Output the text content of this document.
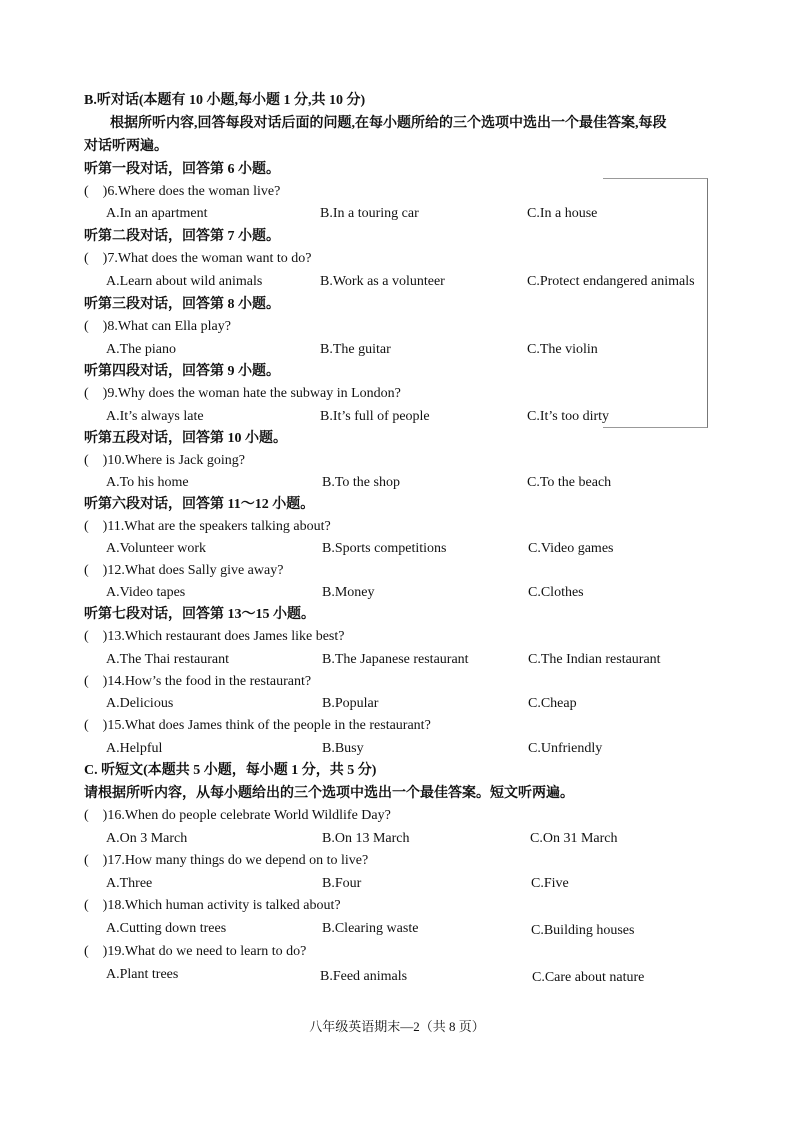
B.听对话(本题有 10 小题,每小题 1 分,共 10 分)
根据所听内容,回答每段对话后面的问题,在每小题所给的三个选项中选出一个最佳答案,每段
对话听两遍。
听第一段对话，回答第 6 小题。
( )6.Where does the woman live?
A.In an apartment	B.In a touring car	C.In a house
听第二段对话，回答第 7 小题。
( )7.What does the woman want to do?
A.Learn about wild animals	B.Work as a volunteer	C.Protect endangered animals
听第三段对话，回答第 8 小题。
( )8.What can Ella play?
A.The piano	B.The guitar	C.The violin
听第四段对话，回答第 9 小题。
( )9.Why does the woman hate the subway in London?
A.It’s always late	B.It’s full of people	C.It’s too dirty
听第五段对话，回答第 10 小题。
( )10.Where is Jack going?
A.To his home	B.To the shop	C.To the beach
听第六段对话，回答第 11～12 小题。
( )11.What are the speakers talking about?
A.Volunteer work	B.Sports competitions	C.Video games
( )12.What does Sally give away?
A.Video tapes	B.Money	C.Clothes
听第七段对话，回答第 13～15 小题。
( )13.Which restaurant does James like best?
A.The Thai restaurant	B.The Japanese restaurant	C.The Indian restaurant
( )14.How’s the food in the restaurant?
A.Delicious	B.Popular	C.Cheap
( )15.What does James think of the people in the restaurant?
A.Helpful	B.Busy	C.Unfriendly
C. 听短文(本题共 5 小题，每小题 1 分，共 5 分)
请根据所听内容，从每小题给出的三个选项中选出一个最佳答案。短文听两遍。
( )16.When do people celebrate World Wildlife Day?
A.On 3 March	B.On 13 March	C.On 31 March
( )17.How many things do we depend on to live?
A.Three	B.Four	C.Five
( )18.Which human activity is talked about?
A.Cutting down trees	B.Clearing waste	C.Building houses
( )19.What do we need to learn to do?
A.Plant trees	B.Feed animals	C.Care about nature
八年级英语期末—2（共 8 页）
